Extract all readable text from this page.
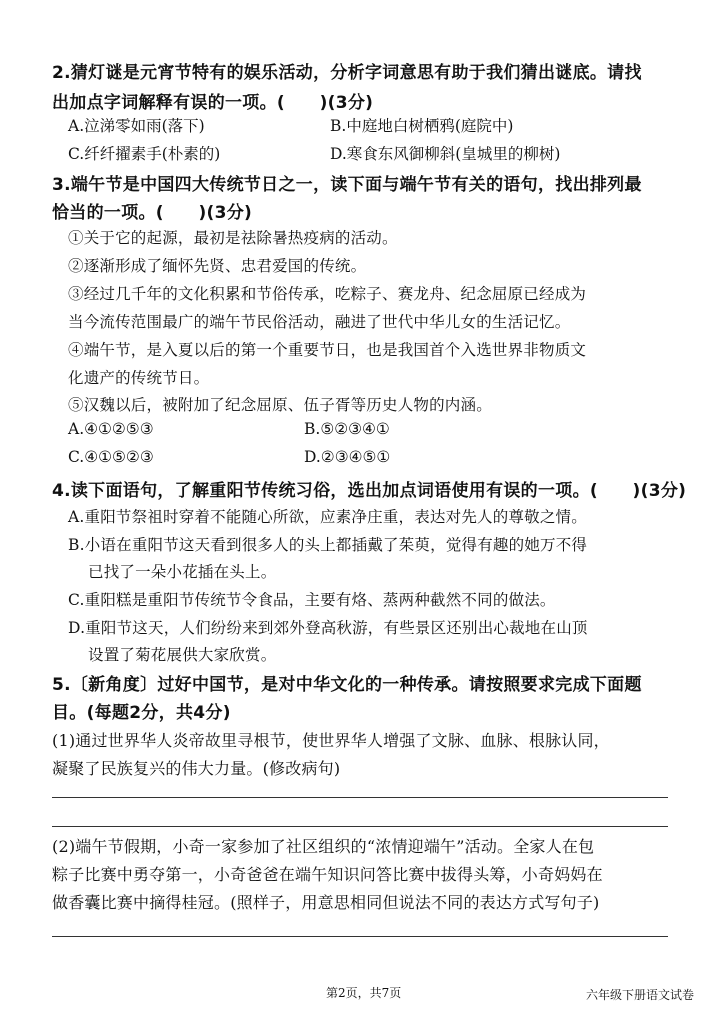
2.猜灯谜是元宵节特有的娱乐活动，分析字词意思有助于我们猜出谜底。请找
出加点字词解释有误的一项。(　　)(3分)
A.泣涕零如雨(落下)	B.中庭地白树栖鸦(庭院中)
C.纤纤擢素手(朴素的)	D.寒食东风御柳斜(皇城里的柳树)
3.端午节是中国四大传统节日之一，读下面与端午节有关的语句，找出排列最
恰当的一项。(　　)(3分)
①关于它的起源，最初是祛除暑热疫病的活动。
②逐渐形成了缅怀先贤、忠君爱国的传统。
③经过几千年的文化积累和节俗传承，吃粽子、赛龙舟、纪念屈原已经成为
当今流传范围最广的端午节民俗活动，融进了世代中华儿女的生活记忆。
④端午节，是入夏以后的第一个重要节日，也是我国首个入选世界非物质文
化遗产的传统节日。
⑤汉魏以后，被附加了纪念屈原、伍子胥等历史人物的内涵。
A.④①②⑤③	B.⑤②③④①
C.④①⑤②③	D.②③④⑤①
4.读下面语句，了解重阳节传统习俗，选出加点词语使用有误的一项。(　　)(3分)
A.重阳节祭祖时穿着不能随心所欲，应素净庄重，表达对先人的尊敬之情。
B.小语在重阳节这天看到很多人的头上都插戴了茱萸，觉得有趣的她万不得
已找了一朵小花插在头上。
C.重阳糕是重阳节传统节令食品，主要有烙、蒸两种截然不同的做法。
D.重阳节这天，人们纷纷来到郊外登高秋游，有些景区还别出心裁地在山顶
设置了菊花展供大家欣赏。
5.〔新角度〕过好中国节，是对中华文化的一种传承。请按照要求完成下面题
目。(每题2分，共4分)
(1)通过世界华人炎帝故里寻根节，使世界华人增强了文脉、血脉、根脉认同，
凝聚了民族复兴的伟大力量。(修改病句)
(2)端午节假期，小奇一家参加了社区组织的“浓情迎端午”活动。全家人在包
粽子比赛中勇夺第一，小奇爸爸在端午知识问答比赛中拔得头筹，小奇妈妈在
做香囊比赛中摘得桂冠。(照样子，用意思相同但说法不同的表达方式写句子)
第2页，共7页	六年级下册语文试卷
